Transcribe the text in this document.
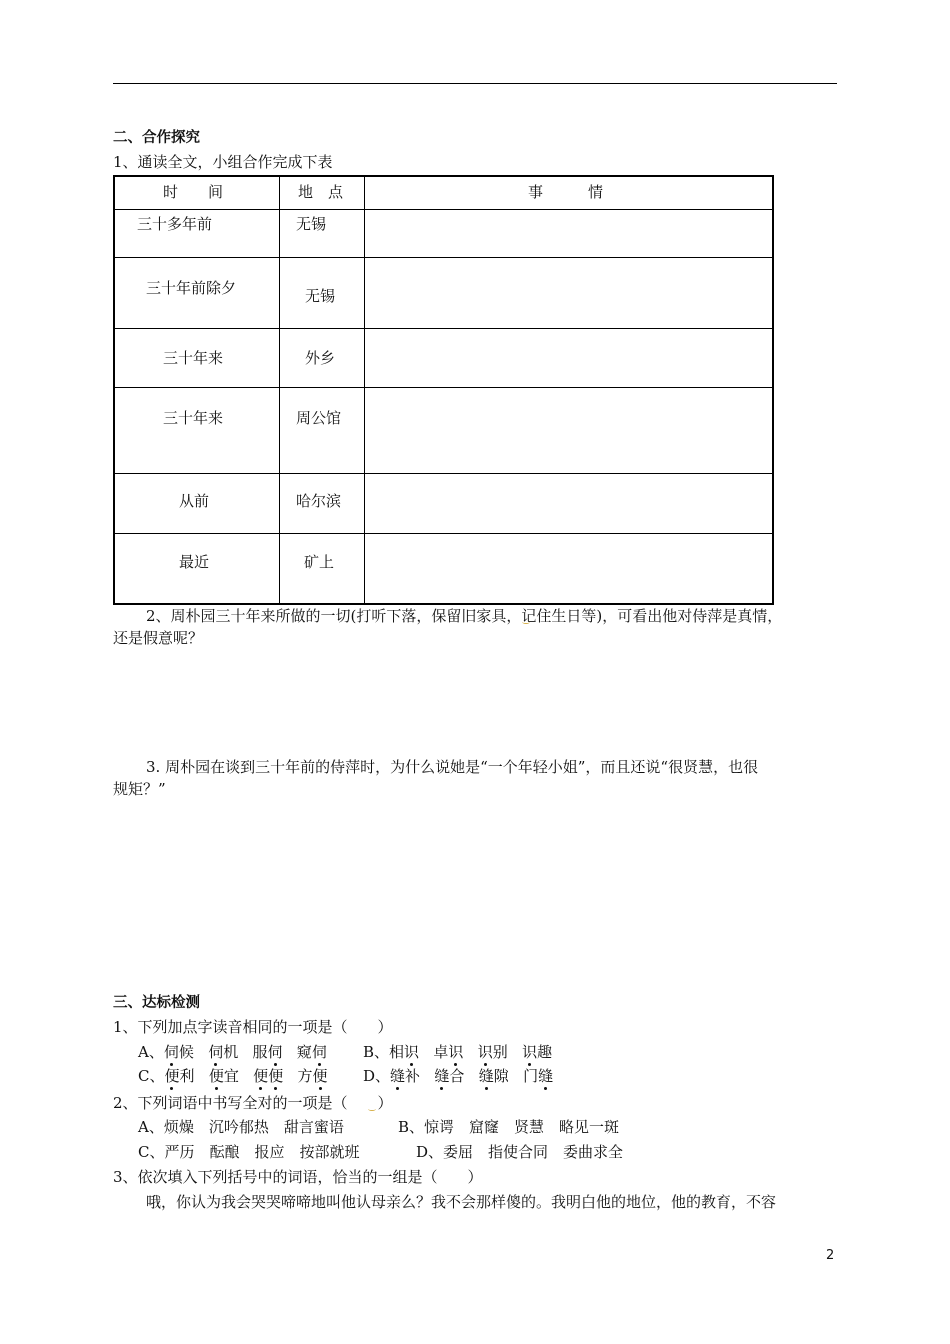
二、合作探究
1、通读全文，小组合作完成下表
时　　间	地　点	事　　　情

三十多年前	无锡	

三十年前除夕	无锡	

三十年来	外乡	

三十年来	周公馆	

从前	哈尔滨	

最近	矿上	

2、周朴园三十年来所做的一切(打听下落，保留旧家具，记住生日等)，可看出他对侍萍是真情，
还是假意呢？
3. 周朴园在谈到三十年前的侍萍时，为什么说她是“一个年轻小姐”，而且还说“很贤慧，也很
规矩？”
三、达标检测
1、下列加点字读音相同的一项是（　　）
A、伺候 伺机 服伺 窥伺 B、相识 卓识 识别 识趣
C、便利 便宜 便便 方便 D、缝补 缝合 缝隙 门缝
2、下列词语中书写全对的一项是（　　）
A、烦燥　沉吟郁热　甜言蜜语	B、惊谔　窟窿　贤慧　略见一斑
C、严历　酝酿　报应　按部就班	D、委屈　指使合同　委曲求全
3、依次填入下列括号中的词语，恰当的一组是（　　）
哦，你认为我会哭哭啼啼地叫他认母亲么？我不会那样傻的。我明白他的地位，他的教育，不容
2
